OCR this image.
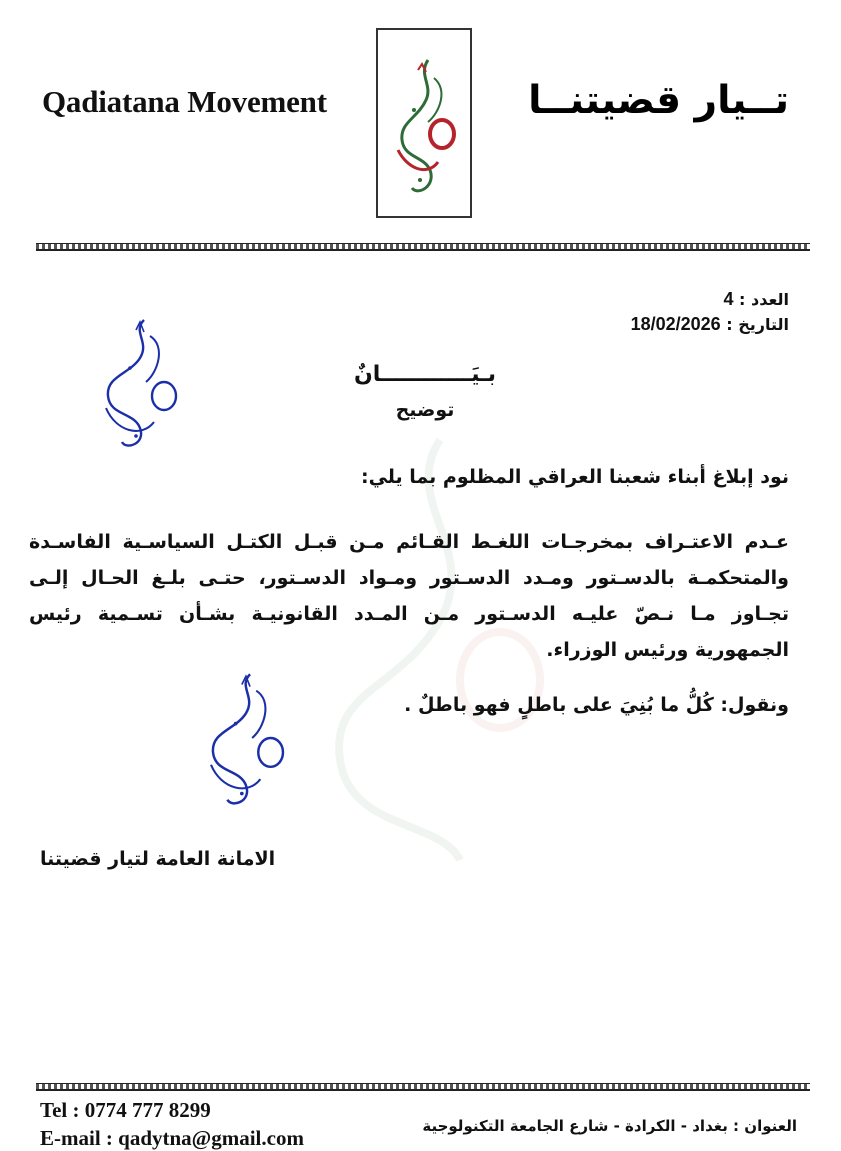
Qadiatana Movement	تــيار قضيتنــا
العدد : 4
التاريخ : 18/02/2026
بـيَــــــــــــانٌ
توضيح
نود إبلاغ أبناء شعبنا العراقي المظلوم بما يلي:
عـدم الاعتـراف بمخرجـات اللغـط القـائم مـن قبـل الكتـل السياسـية الفاسـدة والمتحكمـة بالدسـتور ومـدد الدسـتور ومـواد الدسـتور، حتـى بلـغ الحـال إلـى تجـاوز مـا نـصّ عليـه الدسـتور مـن المـدد القانونيـة بشـأن تسـمية رئيس الجمهورية ورئيس الوزراء.
ونقول: كُلُّ ما بُنِيَ على باطلٍ فهو باطلٌ .
الامانة العامة لتيار قضيتنا
Tel : 0774 777 8299
E-mail : qadytna@gmail.com	العنوان : بغداد - الكرادة - شارع الجامعة التكنولوجية
